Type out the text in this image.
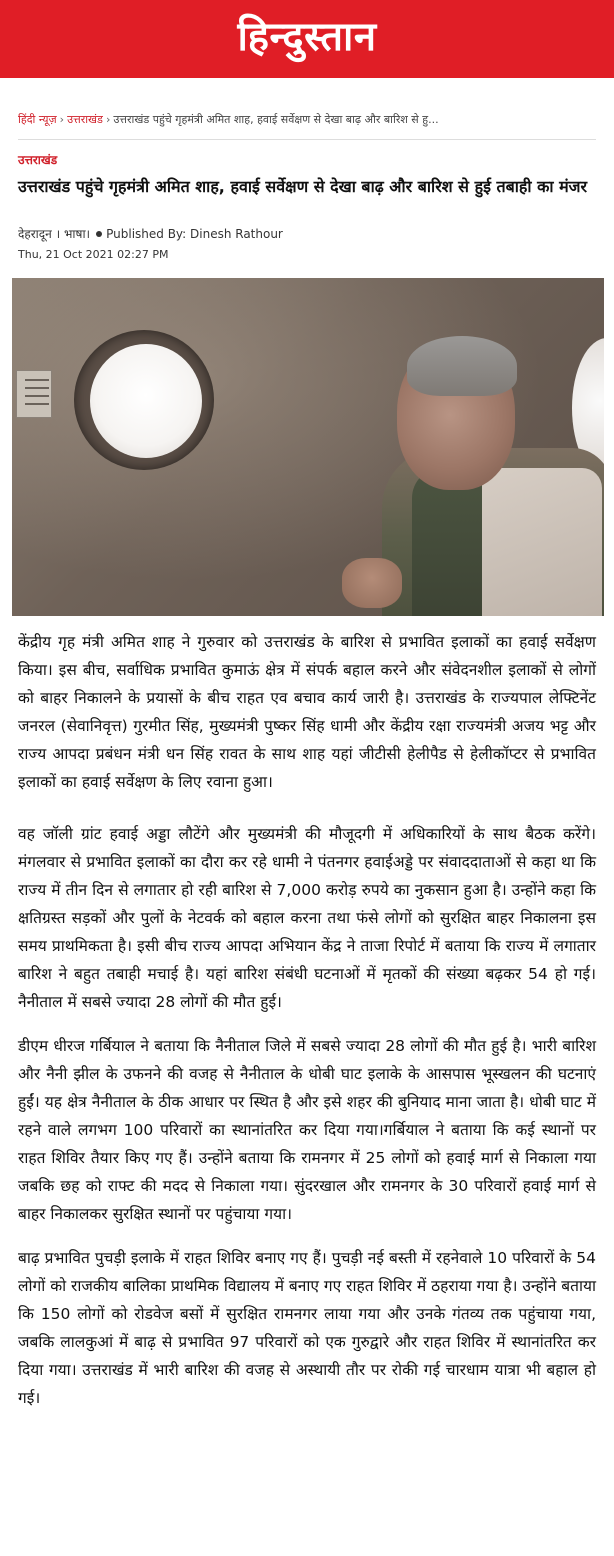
हिन्दुस्तान
हिंदी न्यूज़ › उत्तराखंड › उत्तराखंड पहुंचे गृहमंत्री अमित शाह, हवाई सर्वेक्षण से देखा बाढ़ और बारिश से हु...
उत्तराखंड
उत्तराखंड पहुंचे गृहमंत्री अमित शाह, हवाई सर्वेक्षण से देखा बाढ़ और बारिश से हुई तबाही का मंजर
देहरादून । भाषा। Published By: Dinesh Rathour
Thu, 21 Oct 2021 02:27 PM

केंद्रीय गृह मंत्री अमित शाह ने गुरुवार को उत्तराखंड के बारिश से प्रभावित इलाकों का हवाई सर्वेक्षण किया। इस बीच, सर्वाधिक प्रभावित कुमाऊं क्षेत्र में संपर्क बहाल करने और संवेदनशील इलाकों से लोगों को बाहर निकालने के प्रयासों के बीच राहत एव बचाव कार्य जारी है। उत्तराखंड के राज्यपाल लेफ्टिनेंट जनरल (सेवानिवृत्त) गुरमीत सिंह, मुख्यमंत्री पुष्कर सिंह धामी और केंद्रीय रक्षा राज्यमंत्री अजय भट्ट और राज्य आपदा प्रबंधन मंत्री धन सिंह रावत के साथ शाह यहां जीटीसी हेलीपैड से हेलीकॉप्टर से प्रभावित इलाकों का हवाई सर्वेक्षण के लिए रवाना हुआ।

वह जॉली ग्रांट हवाई अड्डा लौटेंगे और मुख्यमंत्री की मौजूदगी में अधिकारियों के साथ बैठक करेंगे। मंगलवार से प्रभावित इलाकों का दौरा कर रहे धामी ने पंतनगर हवाईअड्डे पर संवाददाताओं से कहा था कि राज्य में तीन दिन से लगातार हो रही बारिश से 7,000 करोड़ रुपये का नुकसान हुआ है। उन्होंने कहा कि क्षतिग्रस्त सड़कों और पुलों के नेटवर्क को बहाल करना तथा फंसे लोगों को सुरक्षित बाहर निकालना इस समय प्राथमिकता है। इसी बीच राज्य आपदा अभियान केंद्र ने ताजा रिपोर्ट में बताया कि राज्य में लगातार बारिश ने बहुत तबाही मचाई है। यहां बारिश संबंधी घटनाओं में मृतकों की संख्या बढ़कर 54 हो गई। नैनीताल में सबसे ज्यादा 28 लोगों की मौत हुई।

डीएम धीरज गर्बियाल ने बताया कि नैनीताल जिले में सबसे ज्यादा 28 लोगों की मौत हुई है। भारी बारिश और नैनी झील के उफनने की वजह से नैनीताल के धोबी घाट इलाके के आसपास भूस्खलन की घटनाएं हुईं। यह क्षेत्र नैनीताल के ठीक आधार पर स्थित है और इसे शहर की बुनियाद माना जाता है। धोबी घाट में रहने वाले लगभग 100 परिवारों का स्थानांतरित कर दिया गया।गर्बियाल ने बताया कि कई स्थानों पर राहत शिविर तैयार किए गए हैं। उन्होंने बताया कि रामनगर में 25 लोगों को हवाई मार्ग से निकाला गया जबकि छह को राफ्ट की मदद से निकाला गया। सुंदरखाल और रामनगर के 30 परिवारों हवाई मार्ग से बाहर निकालकर सुरक्षित स्थानों पर पहुंचाया गया।

बाढ़ प्रभावित पुचड़ी इलाके में राहत शिविर बनाए गए हैं। पुचड़ी नई बस्ती में रहनेवाले 10 परिवारों के 54 लोगों को राजकीय बालिका प्राथमिक विद्यालय में बनाए गए राहत शिविर में ठहराया गया है। उन्होंने बताया कि 150 लोगों को रोडवेज बसों में सुरक्षित रामनगर लाया गया और उनके गंतव्य तक पहुंचाया गया, जबकि लालकुआं में बाढ़ से प्रभावित 97 परिवारों को एक गुरुद्वारे और राहत शिविर में स्थानांतरित कर दिया गया। उत्तराखंड में भारी बारिश की वजह से अस्थायी तौर पर रोकी गई चारधाम यात्रा भी बहाल हो गई।
